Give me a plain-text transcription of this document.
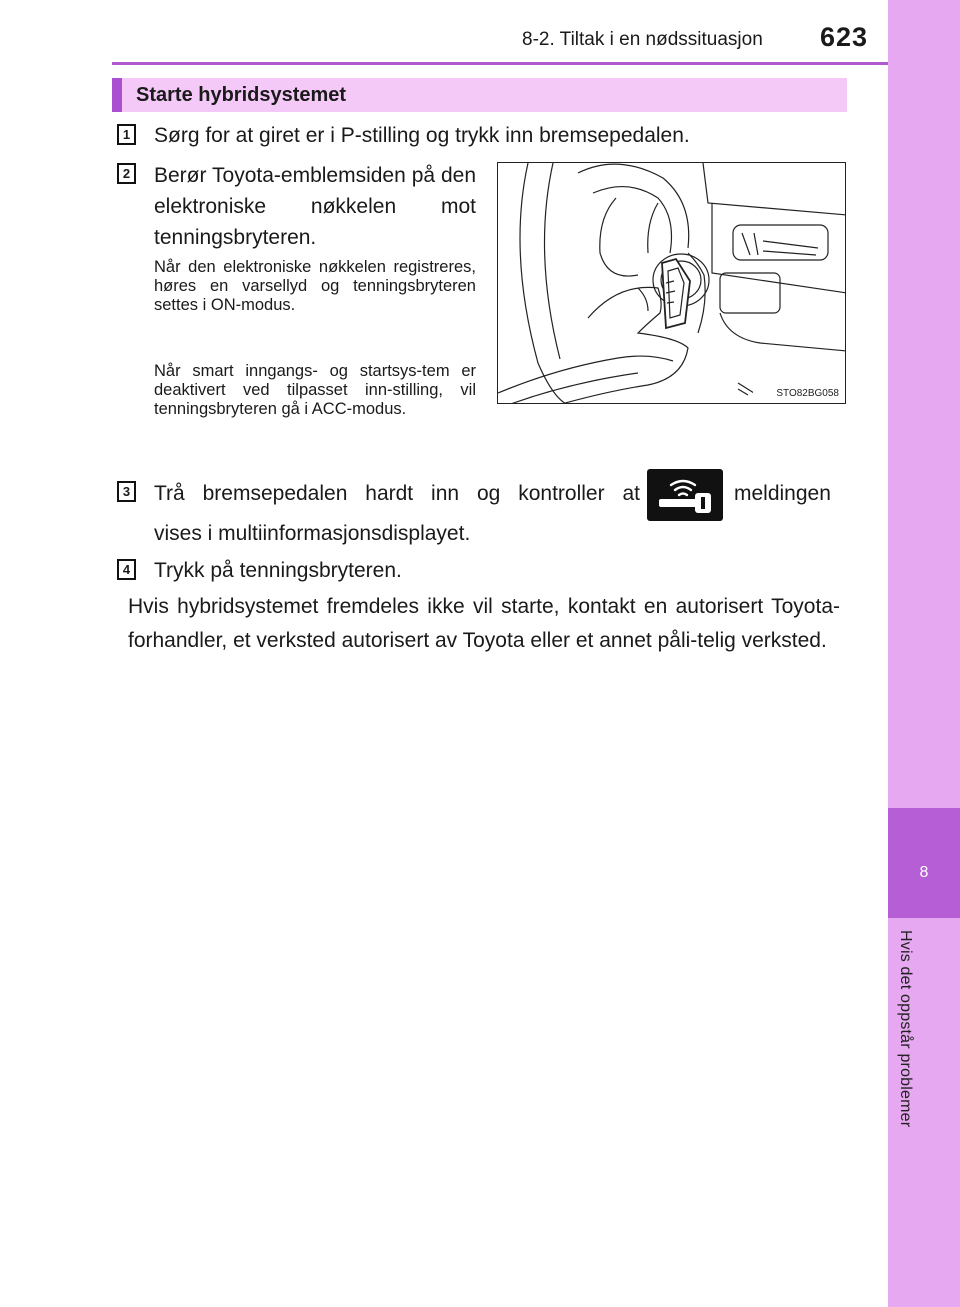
8-2. Tiltak i en nødssituasjon 623
8
Hvis det oppstår problemer
Starte hybridsystemet
1 Sørg for at giret er i P-stilling og trykk inn bremsepedalen.
2 Berør Toyota-emblemsiden på den elektroniske nøkkelen mot tenningsbryteren.
Når den elektroniske nøkkelen registreres, høres en varsellyd og tenningsbryteren settes i ON-modus.
Når smart inngangs- og startsys-tem er deaktivert ved tilpasset inn-stilling, vil tenningsbryteren gå i ACC-modus.
STO82BG058
3 Trå bremsepedalen hardt inn og kontroller at	meldingen
vises i multiinformasjonsdisplayet.
4 Trykk på tenningsbryteren.
Hvis hybridsystemet fremdeles ikke vil starte, kontakt en autorisert Toyota-forhandler, et verksted autorisert av Toyota eller et annet påli-telig verksted.
